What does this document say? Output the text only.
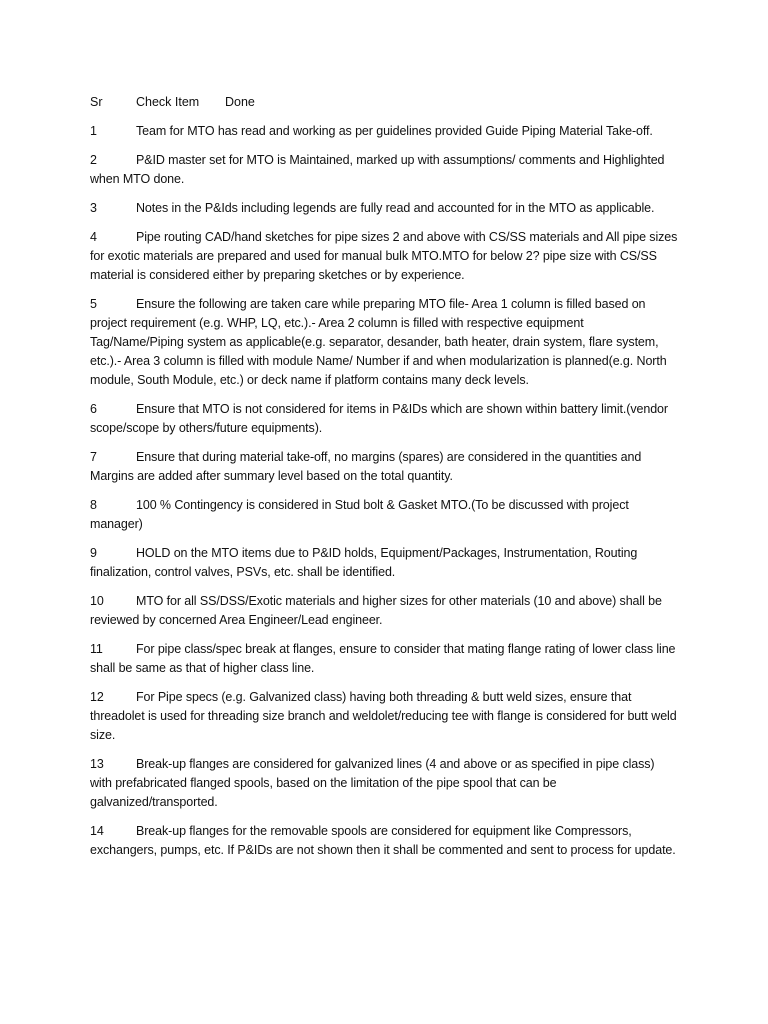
Sr	Check Item Done

1	Team for MTO has read and working as per guidelines provided Guide Piping Material Take-off.

2	P&ID master set for MTO is Maintained, marked up with assumptions/ comments and Highlighted when MTO done.

3	Notes in the P&Ids including legends are fully read and accounted for in the MTO as applicable.

4	Pipe routing CAD/hand sketches for pipe sizes 2 and above with CS/SS materials and All pipe sizes for exotic materials are prepared and used for manual bulk MTO.MTO for below 2? pipe size with CS/SS material is considered either by preparing sketches or by experience.

5	Ensure the following are taken care while preparing MTO file- Area 1 column is filled based on project requirement (e.g. WHP, LQ, etc.).- Area 2 column is filled with respective equipment Tag/Name/Piping system as applicable(e.g. separator, desander, bath heater, drain system, flare system, etc.).- Area 3 column is filled with module Name/ Number if and when modularization is planned(e.g. North module, South Module, etc.) or deck name if platform contains many deck levels.

6	Ensure that MTO is not considered for items in P&IDs which are shown within battery limit.(vendor scope/scope by others/future equipments).

7	Ensure that during material take-off, no margins (spares) are considered in the quantities and Margins are added after summary level based on the total quantity.

8	100 % Contingency is considered in Stud bolt & Gasket MTO.(To be discussed with project manager)

9	HOLD on the MTO items due to P&ID holds, Equipment/Packages, Instrumentation, Routing finalization, control valves, PSVs, etc. shall be identified.

10	MTO for all SS/DSS/Exotic materials and higher sizes for other materials (10 and above) shall be reviewed by concerned Area Engineer/Lead engineer.

11	For pipe class/spec break at flanges, ensure to consider that mating flange rating of lower class line shall be same as that of higher class line.

12	For Pipe specs (e.g. Galvanized class) having both threading & butt weld sizes, ensure that threadolet is used for threading size branch and weldolet/reducing tee with flange is considered for butt weld size.

13	Break-up flanges are considered for galvanized lines (4 and above or as specified in pipe class) with prefabricated flanged spools, based on the limitation of the pipe spool that can be galvanized/transported.

14	Break-up flanges for the removable spools are considered for equipment like Compressors, exchangers, pumps, etc. If P&IDs are not shown then it shall be commented and sent to process for update.
